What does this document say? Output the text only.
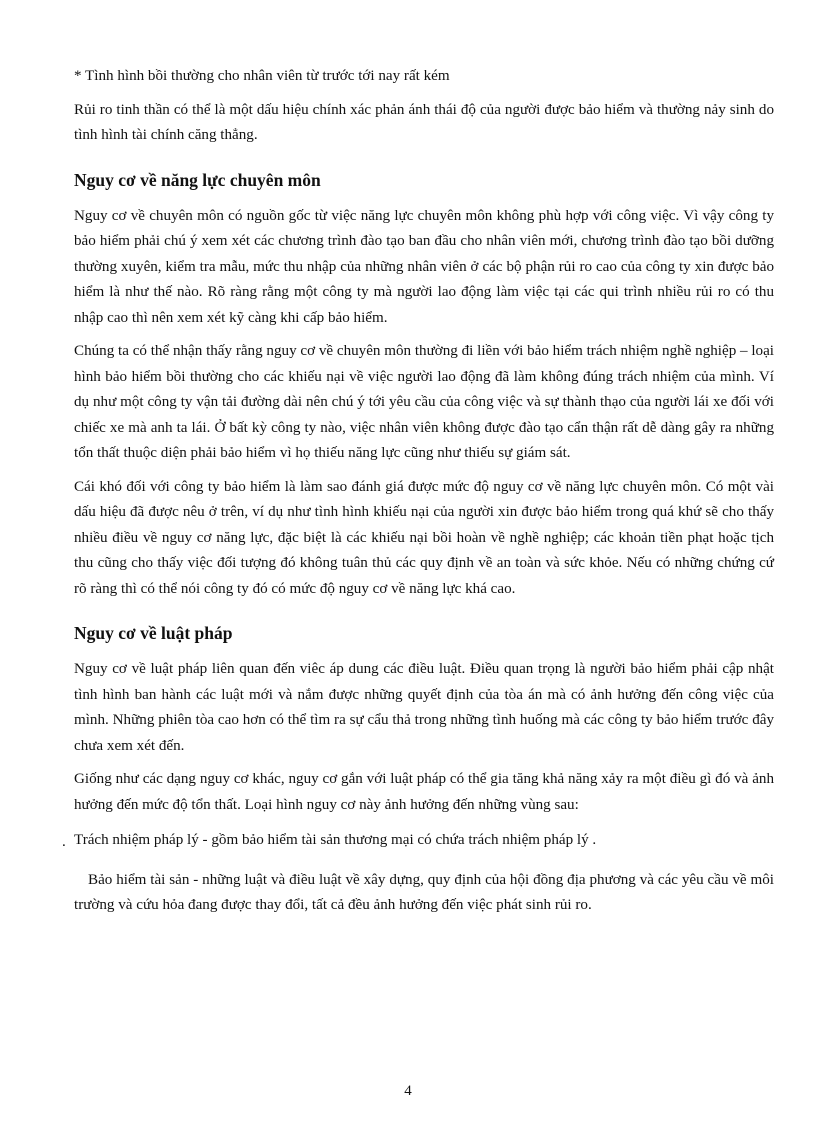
* Tình hình bồi thường cho nhân viên từ trước tới nay rất kém

Rủi ro tinh thần có thể là một dấu hiệu chính xác phản ánh thái độ của người được bảo hiểm và thường nảy sinh do tình hình tài chính căng thẳng.

Nguy cơ về năng lực chuyên môn

Nguy cơ về chuyên môn có nguồn gốc từ việc năng lực chuyên môn không phù hợp với công việc. Vì vậy công ty bảo hiểm phải chú ý xem xét các chương trình đào tạo ban đầu cho nhân viên mới, chương trình đào tạo bồi dưỡng thường xuyên, kiểm tra mẫu, mức thu nhập của những nhân viên ở các bộ phận rủi ro cao của công ty xin được bảo hiểm là như thế nào. Rõ ràng rằng một công ty mà người lao động làm việc tại các qui trình nhiều rủi ro có thu nhập cao thì nên xem xét kỹ càng khi cấp bảo hiểm.

Chúng ta có thể nhận thấy rằng nguy cơ về chuyên môn thường đi liền với bảo hiểm trách nhiệm nghề nghiệp – loại hình bảo hiểm bồi thường cho các khiếu nại về việc người lao động đã làm không đúng trách nhiệm của mình. Ví dụ như một công ty vận tải đường dài nên chú ý tới yêu cầu của công việc và sự thành thạo của người lái xe đối với chiếc xe mà anh ta lái. Ở bất kỳ công ty nào, việc nhân viên không được đào tạo cẩn thận rất dễ dàng gây ra những tổn thất thuộc diện phải bảo hiểm vì họ thiếu năng lực cũng như thiếu sự giám sát.

Cái khó đối với công ty bảo hiểm là làm sao đánh giá được mức độ nguy cơ về năng lực chuyên môn. Có một vài dấu hiệu đã được nêu ở trên, ví dụ như tình hình khiếu nại của người xin được bảo hiểm trong quá khứ sẽ cho thấy nhiều điều về nguy cơ năng lực, đặc biệt là các khiếu nại bồi hoàn về nghề nghiệp; các khoản tiền phạt hoặc tịch thu cũng cho thấy việc đối tượng đó không tuân thủ các quy định về an toàn và sức khỏe. Nếu có những chứng cứ rõ ràng thì có thể nói công ty đó có mức độ nguy cơ về năng lực khá cao.

Nguy cơ về luật pháp

Nguy cơ về luật pháp liên quan đến viêc áp dung các điều luật. Điều quan trọng là người bảo hiểm phải cập nhật tình hình ban hành các luật mới và nắm được những quyết định của tòa án mà có ảnh hưởng đến công việc của mình. Những phiên tòa cao hơn có thể tìm ra sự cẩu thả trong những tình huống mà các công ty bảo hiểm trước đây chưa xem xét đến.

Giống như các dạng nguy cơ khác, nguy cơ gắn với luật pháp có thể gia tăng khả năng xảy ra một điều gì đó và ảnh hưởng đến mức độ tổn thất. Loại hình nguy cơ này ảnh hưởng đến những vùng sau:

. Trách nhiệm pháp lý - gồm bảo hiểm tài sản thương mại có chứa trách nhiệm pháp lý .

Bảo hiểm tài sản - những luật và điều luật về xây dựng, quy định của hội đồng địa phương và các yêu cầu về môi trường và cứu hỏa đang được thay đổi, tất cả đều ảnh hưởng đến việc phát sinh rủi ro.

4
